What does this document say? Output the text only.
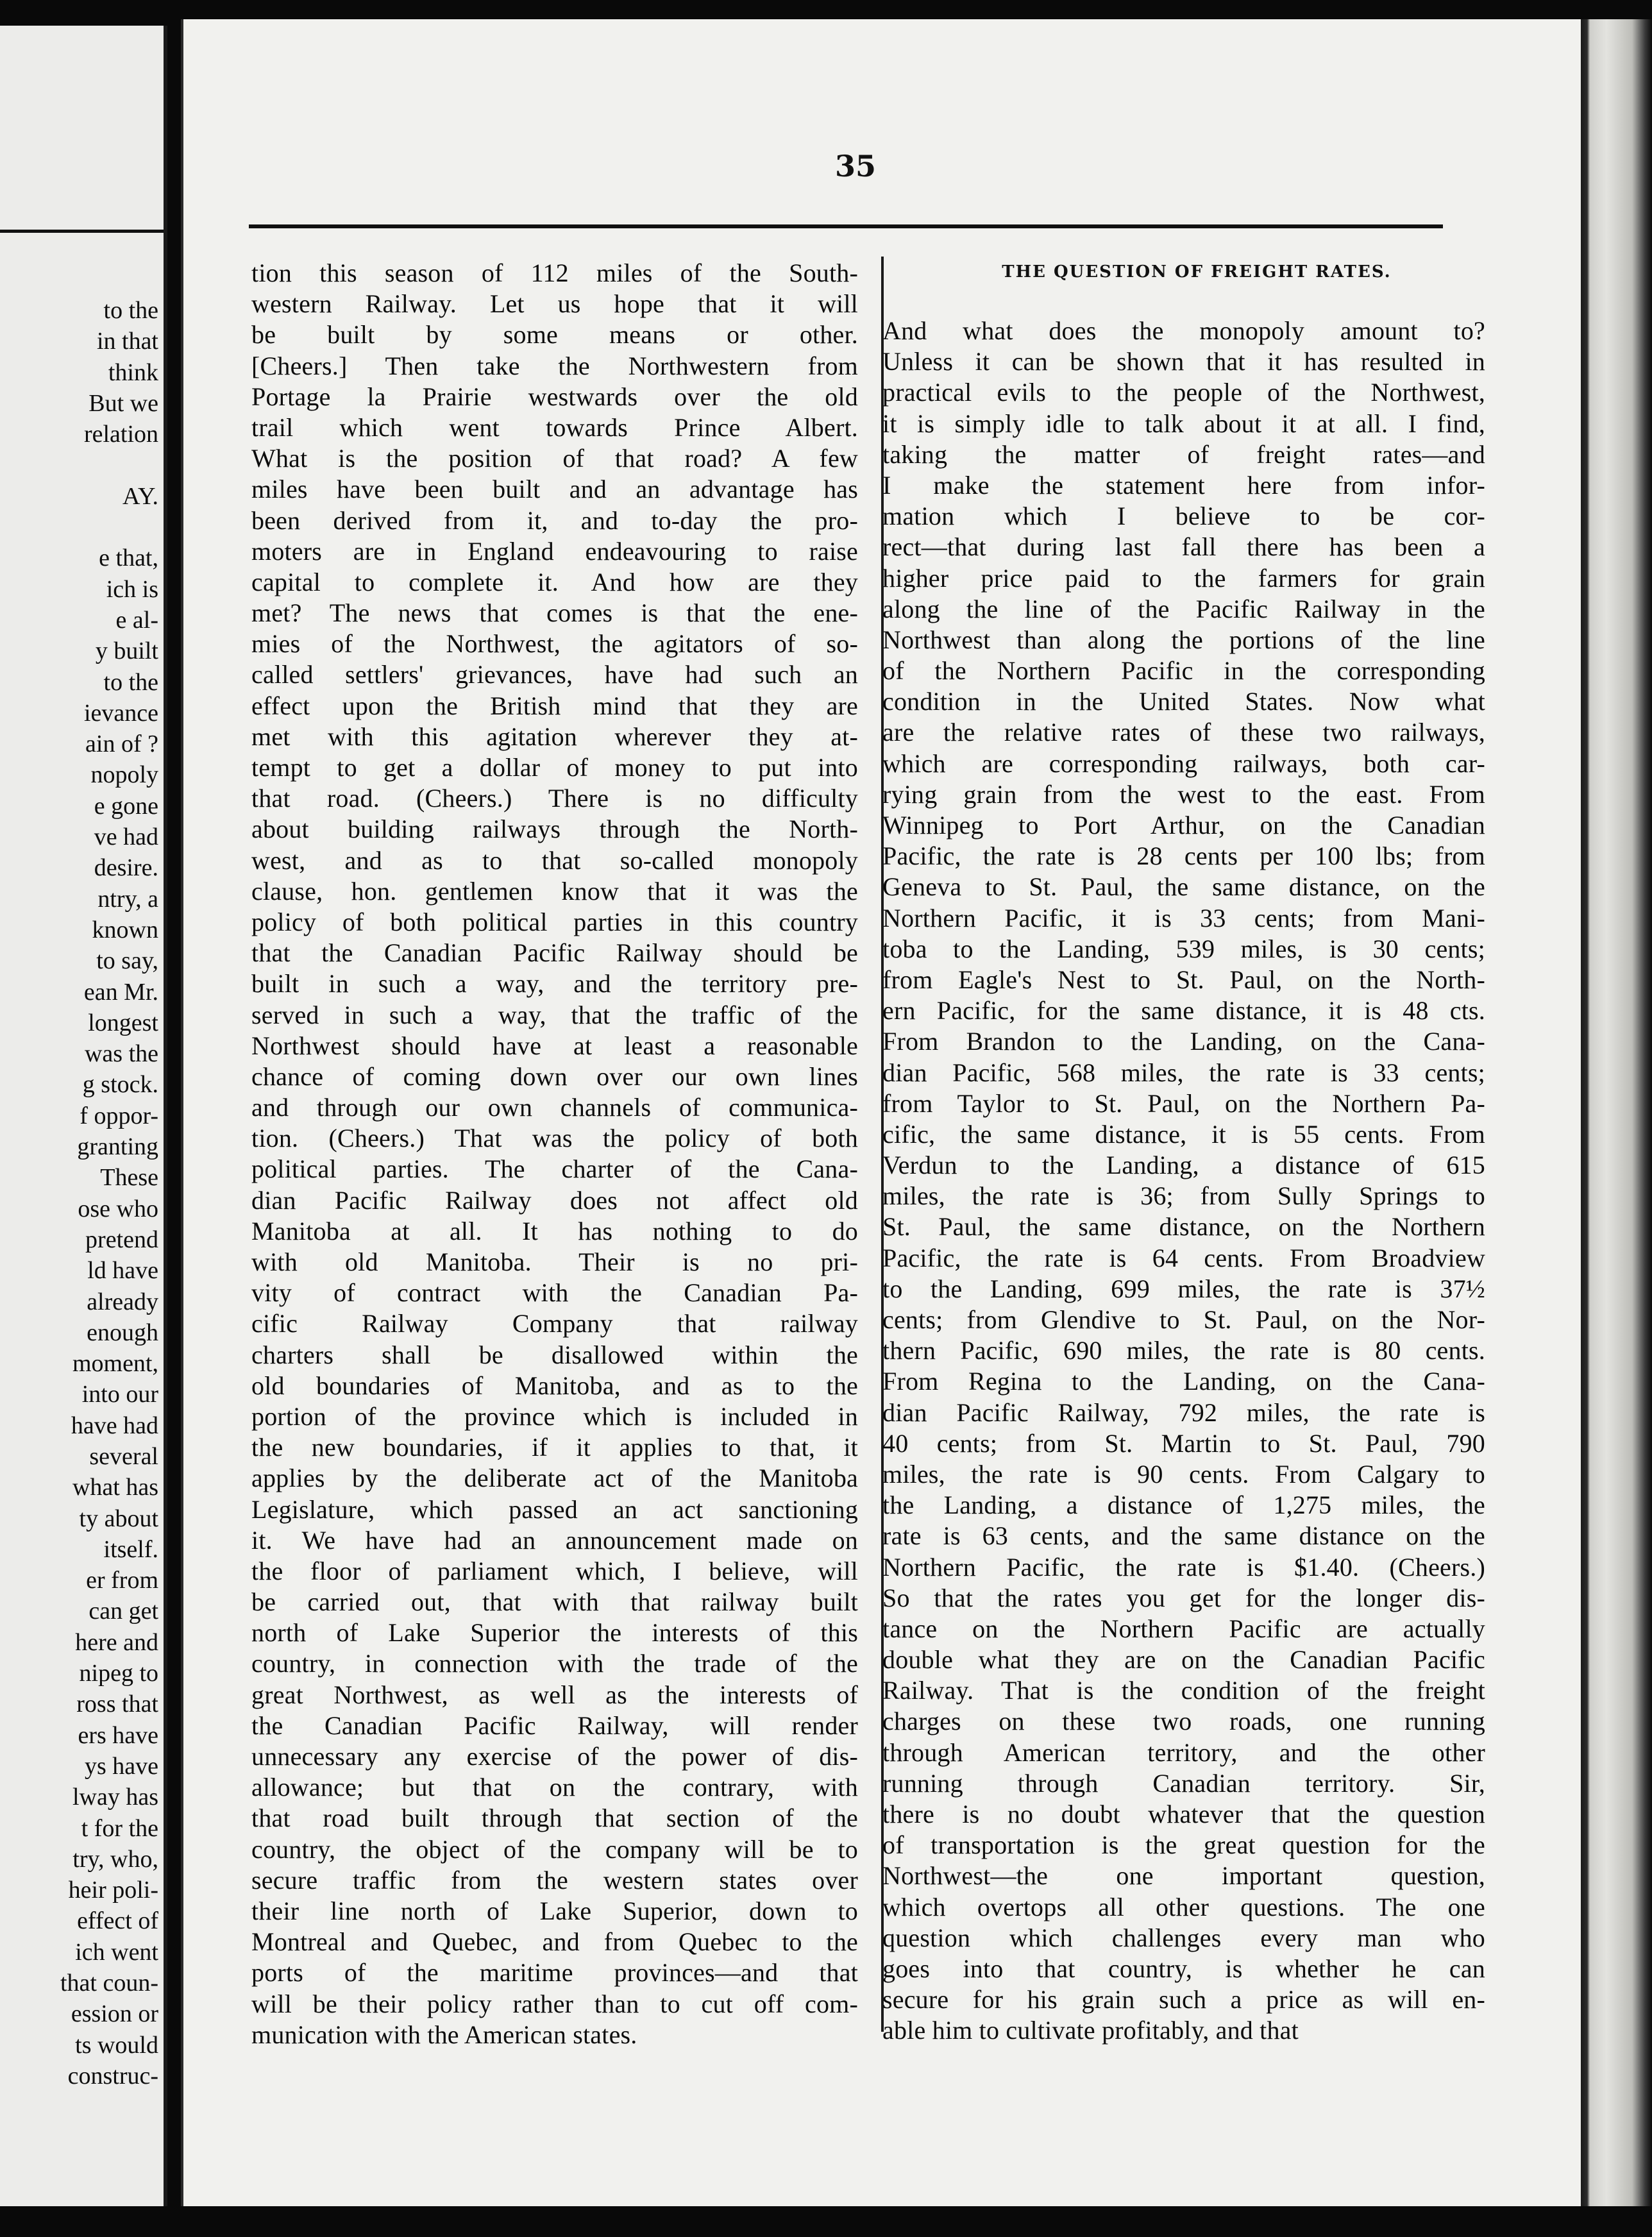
to the
in that
think
But we
relation
AY.
e that,
ich is
e al-
y built
to the
ievance
ain of ?
nopoly
e gone
ve had
desire.
ntry, a
known
to say,
ean Mr.
longest
was the
g stock.
f oppor-
granting
These
ose who
pretend
ld have
already
enough
moment,
into our
have had
several
what has
ty about
itself.
er from
can get
here and
nipeg to
ross that
ers have
ys have
lway has
t for the
try, who,
heir poli-
effect of
ich went
that coun-
ession or
ts would
construc-
35
tion this season of 112 miles of the South-
western Railway. Let us hope that it will
be built by some means or other.
[Cheers.] Then take the Northwestern from
Portage la Prairie westwards over the old
trail which went towards Prince Albert.
What is the position of that road? A few
miles have been built and an advantage has
been derived from it, and to-day the pro-
moters are in England endeavouring to raise
capital to complete it. And how are they
met? The news that comes is that the ene-
mies of the Northwest, the agitators of so-
called settlers' grievances, have had such an
effect upon the British mind that they are
met with this agitation wherever they at-
tempt to get a dollar of money to put into
that road. (Cheers.) There is no difficulty
about building railways through the North-
west, and as to that so-called monopoly
clause, hon. gentlemen know that it was the
policy of both political parties in this country
that the Canadian Pacific Railway should be
built in such a way, and the territory pre-
served in such a way, that the traffic of the
Northwest should have at least a reasonable
chance of coming down over our own lines
and through our own channels of communica-
tion. (Cheers.) That was the policy of both
political parties. The charter of the Cana-
dian Pacific Railway does not affect old
Manitoba at all. It has nothing to do
with old Manitoba. Their is no pri-
vity of contract with the Canadian Pa-
cific Railway Company that railway
charters shall be disallowed within the
old boundaries of Manitoba, and as to the
portion of the province which is included in
the new boundaries, if it applies to that, it
applies by the deliberate act of the Manitoba
Legislature, which passed an act sanctioning
it. We have had an announcement made on
the floor of parliament which, I believe, will
be carried out, that with that railway built
north of Lake Superior the interests of this
country, in connection with the trade of the
great Northwest, as well as the interests of
the Canadian Pacific Railway, will render
unnecessary any exercise of the power of dis-
allowance; but that on the contrary, with
that road built through that section of the
country, the object of the company will be to
secure traffic from the western states over
their line north of Lake Superior, down to
Montreal and Quebec, and from Quebec to the
ports of the maritime provinces—and that
will be their policy rather than to cut off com-
munication with the American states.
THE QUESTION OF FREIGHT RATES.
And what does the monopoly amount to?
Unless it can be shown that it has resulted in
practical evils to the people of the Northwest,
it is simply idle to talk about it at all. I find,
taking the matter of freight rates—and
I make the statement here from infor-
mation which I believe to be cor-
rect—that during last fall there has been a
higher price paid to the farmers for grain
along the line of the Pacific Railway in the
Northwest than along the portions of the line
of the Northern Pacific in the corresponding
condition in the United States. Now what
are the relative rates of these two railways,
which are corresponding railways, both car-
rying grain from the west to the east. From
Winnipeg to Port Arthur, on the Canadian
Pacific, the rate is 28 cents per 100 lbs; from
Geneva to St. Paul, the same distance, on the
Northern Pacific, it is 33 cents; from Mani-
toba to the Landing, 539 miles, is 30 cents;
from Eagle's Nest to St. Paul, on the North-
ern Pacific, for the same distance, it is 48 cts.
From Brandon to the Landing, on the Cana-
dian Pacific, 568 miles, the rate is 33 cents;
from Taylor to St. Paul, on the Northern Pa-
cific, the same distance, it is 55 cents. From
Verdun to the Landing, a distance of 615
miles, the rate is 36; from Sully Springs to
St. Paul, the same distance, on the Northern
Pacific, the rate is 64 cents. From Broadview
to the Landing, 699 miles, the rate is 37½
cents; from Glendive to St. Paul, on the Nor-
thern Pacific, 690 miles, the rate is 80 cents.
From Regina to the Landing, on the Cana-
dian Pacific Railway, 792 miles, the rate is
40 cents; from St. Martin to St. Paul, 790
miles, the rate is 90 cents. From Calgary to
the Landing, a distance of 1,275 miles, the
rate is 63 cents, and the same distance on the
Northern Pacific, the rate is $1.40. (Cheers.)
So that the rates you get for the longer dis-
tance on the Northern Pacific are actually
double what they are on the Canadian Pacific
Railway. That is the condition of the freight
charges on these two roads, one running
through American territory, and the other
running through Canadian territory. Sir,
there is no doubt whatever that the question
of transportation is the great question for the
Northwest—the one important question,
which overtops all other questions. The one
question which challenges every man who
goes into that country, is whether he can
secure for his grain such a price as will en-
able him to cultivate profitably, and that
